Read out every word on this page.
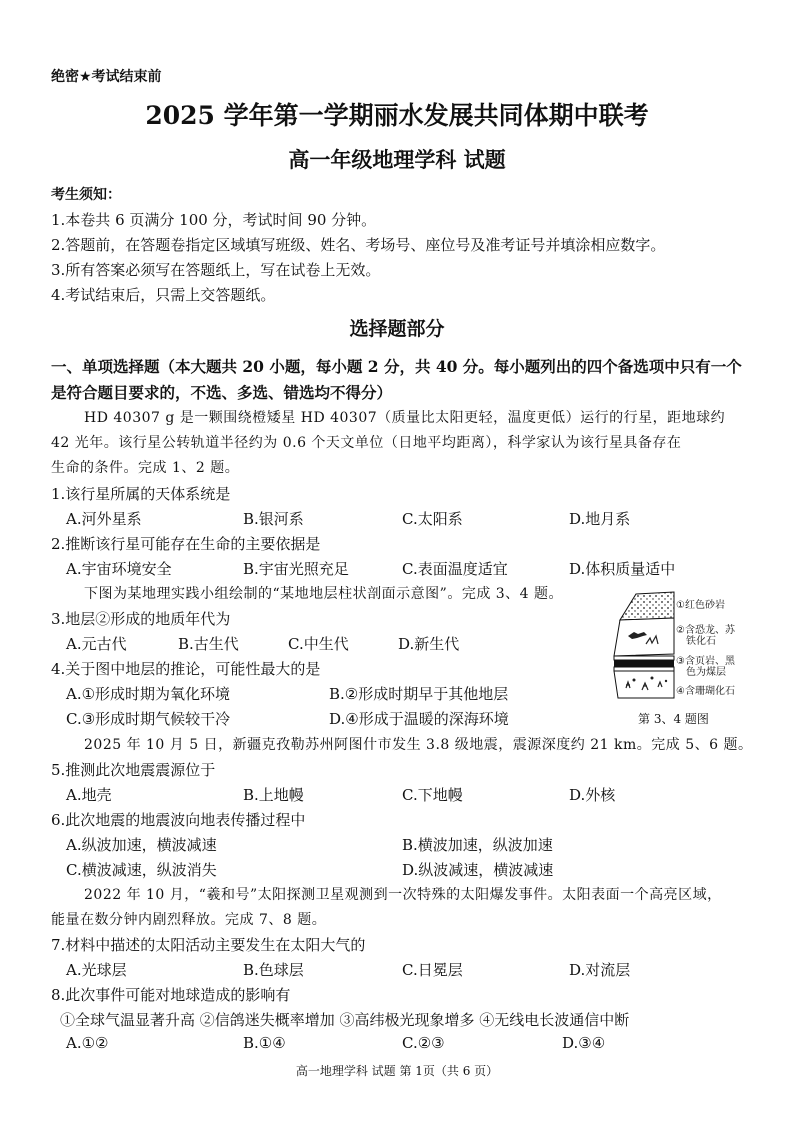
绝密★考试结束前
2025 学年第一学期丽水发展共同体期中联考
高一年级地理学科 试题
考生须知：
1.本卷共 6 页满分 100 分，考试时间 90 分钟。
2.答题前，在答题卷指定区域填写班级、姓名、考场号、座位号及准考证号并填涂相应数字。
3.所有答案必须写在答题纸上，写在试卷上无效。
4.考试结束后，只需上交答题纸。
选择题部分
一、单项选择题（本大题共 20 小题，每小题 2 分，共 40 分。每小题列出的四个备选项中只有一个
是符合题目要求的，不选、多选、错选均不得分）
HD 40307 g 是一颗围绕橙矮星 HD 40307（质量比太阳更轻，温度更低）运行的行星，距地球约
42 光年。该行星公转轨道半径约为 0.6 个天文单位（日地平均距离），科学家认为该行星具备存在
生命的条件。完成 1、2 题。
1.该行星所属的天体系统是
A.河外星系	B.银河系	C.太阳系	D.地月系
2.推断该行星可能存在生命的主要依据是
A.宇宙环境安全	B.宇宙光照充足	C.表面温度适宜	D.体积质量适中
下图为某地理实践小组绘制的“某地地层柱状剖面示意图”。完成 3、4 题。
3.地层②形成的地质年代为
A.元古代	B.古生代	C.中生代	D.新生代
4.关于图中地层的推论，可能性最大的是
A.①形成时期为氧化环境	B.②形成时期早于其他地层
C.③形成时期气候较干冷	D.④形成于温暖的深海环境
①红色砂岩
②含恐龙、苏
铁化石
③含页岩、黑
色为煤层
④含珊瑚化石
第 3、4 题图
2025 年 10 月 5 日，新疆克孜勒苏州阿图什市发生 3.8 级地震，震源深度约 21 km。完成 5、6 题。
5.推测此次地震震源位于
A.地壳	B.上地幔	C.下地幔	D.外核
6.此次地震的地震波向地表传播过程中
A.纵波加速，横波减速	B.横波加速，纵波加速
C.横波减速，纵波消失	D.纵波减速，横波减速
2022 年 10 月，“羲和号”太阳探测卫星观测到一次特殊的太阳爆发事件。太阳表面一个高亮区域，
能量在数分钟内剧烈释放。完成 7、8 题。
7.材料中描述的太阳活动主要发生在太阳大气的
A.光球层	B.色球层	C.日冕层	D.对流层
8.此次事件可能对地球造成的影响有
①全球气温显著升高 ②信鸽迷失概率增加 ③高纬极光现象增多 ④无线电长波通信中断
A.①②	B.①④	C.②③	D.③④
高一地理学科 试题 第 1页（共 6 页）
